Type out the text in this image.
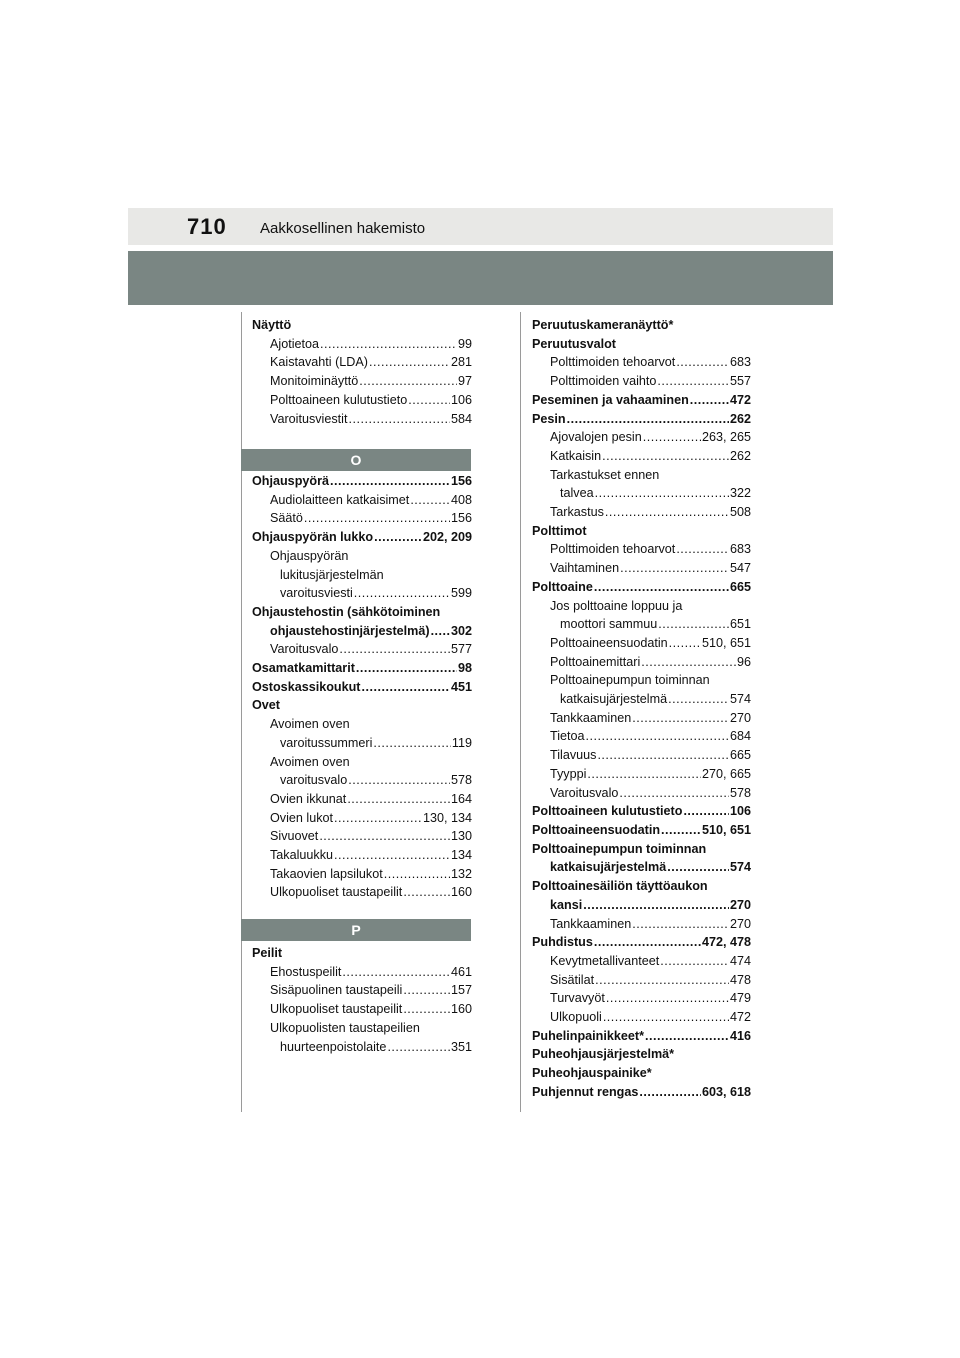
710 Aakkosellinen hakemisto
Näyttö
Ajotietoa .....	99
Kaistavahti (LDA) .....	281
Monitoiminäyttö .....	97
Polttoaineen kulutustieto .....	106
Varoitusviestit .....	584
O
Ohjauspyörä .....	156
Audiolaitteen katkaisimet .....	408
Säätö .....	156
Ohjauspyörän lukko .....	202, 209
Ohjauspyörän
lukitusjärjestelmän
varoitusviesti .....	599
Ohjaustehostin (sähkötoiminen
ohjaustehostinjärjestelmä) ..... 302
Varoitusvalo .....	577
Osamatkamittarit .....	98
Ostoskassikoukut .....	451
Ovet
Avoimen oven
varoitussummeri .....	119
Avoimen oven
varoitusvalo .....	578
Ovien ikkunat .....	164
Ovien lukot .....	130, 134
Sivuovet .....	130
Takaluukku .....	134
Takaovien lapsilukot .....	132
Ulkopuoliset taustapeilit .....	160
P
Peilit
Ehostuspeilit .....	461
Sisäpuolinen taustapeili .....	157
Ulkopuoliset taustapeilit .....	160
Ulkopuolisten taustapeilien
huurteenpoistolaite .....	351
Peruutuskameranäyttö*
Peruutusvalot
Polttimoiden tehoarvot .....	683
Polttimoiden vaihto .....	557
Peseminen ja vahaaminen .....	472
Pesin .....	262
Ajovalojen pesin .....	263, 265
Katkaisin .....	262
Tarkastukset ennen
talvea .....	322
Tarkastus .....	508
Polttimot
Polttimoiden tehoarvot .....	683
Vaihtaminen .....	547
Polttoaine .....	665
Jos polttoaine loppuu ja
moottori sammuu .....	651
Polttoaineensuodatin .....	510, 651
Polttoainemittari .....	96
Polttoainepumpun toiminnan
katkaisujärjestelmä .....	574
Tankkaaminen .....	270
Tietoa .....	684
Tilavuus .....	665
Tyyppi .....	270, 665
Varoitusvalo .....	578
Polttoaineen kulutustieto .....	106
Polttoaineensuodatin .....	510, 651
Polttoainepumpun toiminnan
katkaisujärjestelmä .....	574
Polttoainesäiliön täyttöaukon
kansi .....	270
Tankkaaminen .....	270
Puhdistus .....	472, 478
Kevytmetallivanteet .....	474
Sisätilat .....	478
Turvavyöt .....	479
Ulkopuoli .....	472
Puhelinpainikkeet* .....	416
Puheohjausjärjestelmä*
Puheohjauspainike*
Puhjennut rengas .....	603, 618
